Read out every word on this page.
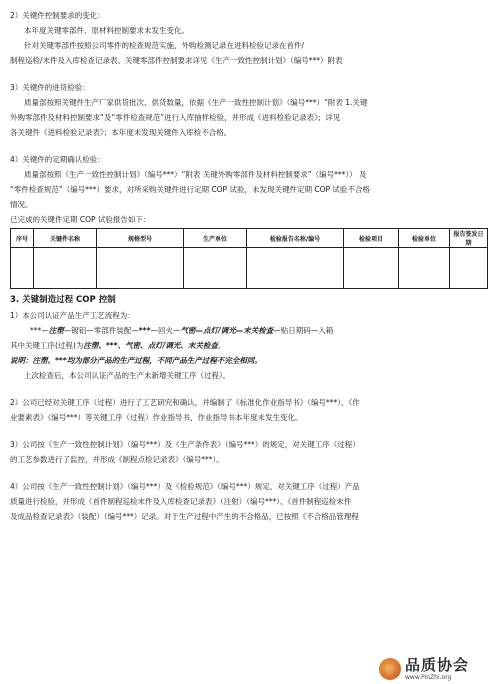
2）关键件控制要求的变化：

本年度关键零部件、原材料控制要求未发生变化。

针对关键零部件按照公司零件的检查规范实施，外购检测记录在进料检验记录在首件/

制程巡检/末件及入库检查记录表。关键零部件控制要求详见《生产一致性控制计划》（编号***）附表

3）关键件的进货检验：

质量部按照关键件生产厂家供货批次、供货数量，依据《生产一致性控制计划》（编号***）“附表 1.关键

外购零部件及材料控制要求”及“零件检查规范”进行入库抽样检验，并形成《进料检验记录表》；详见

各关键件《进料检验记录表》；本年度未发现关键件入库检不合格。

4）关键件的定期确认检验：

质量部按照《生产一致性控制计划》（编号***）“附表 关键外购零部件及材料控制要求”（编号***）） 及

“零件检查规范”（编号***）要求，对所采购关键件进行定期 COP 试验，未发现关键件定期 COP 试验不合格

情况。

已完成的关键件定期 COP 试验报告如下：

序号	关键件名称	规格型号	生产单位	检验报告名称/编号	检验项目	检验单位	报告签发日期

3. 关键制造过程 COP 控制

1）本公司认证产品生产工艺流程为：

***—注塑—镀铝—零部件装配—***—回火—气密—点灯/调光—末关检查—贴日期码—入箱

其中关键工序(过程)为注塑、***、气密、点灯/调光、末关检查。

说明：注塑、***均为部分产品的生产过程，不同产品生产过程不完全相同。

上次检查后，本公司认证产品的生产未新增关键工序（过程）。

2）公司已经对关键工序（过程）进行了工艺研究和确认，并编制了《标准化作业指导书》（编号***）、《作

业要素表》（编号***）等关键工序（过程）作业指导书，作业指导书本年度未发生变化。

3）公司按《生产一致性控制计划》（编号***）及《生产条件表》（编号***）的规定，对关键工序（过程）

的工艺参数进行了监控，并形成《制程点检记录表》（编号***）。

4）公司按《生产一致性控制计划》（编号***）及《检验规范》（编号***）规定，对关键工序（过程）产品

质量进行检验，并形成《首件制程巡检末件及入库检查记录表》（注射）（编号***）、《首件制程巡检末件

及成品检查记录表》（装配）（编号***）记录。对于生产过程中产生的不合格品，已按照《不合格品管理程

品质协会
www.PinZhi.org
